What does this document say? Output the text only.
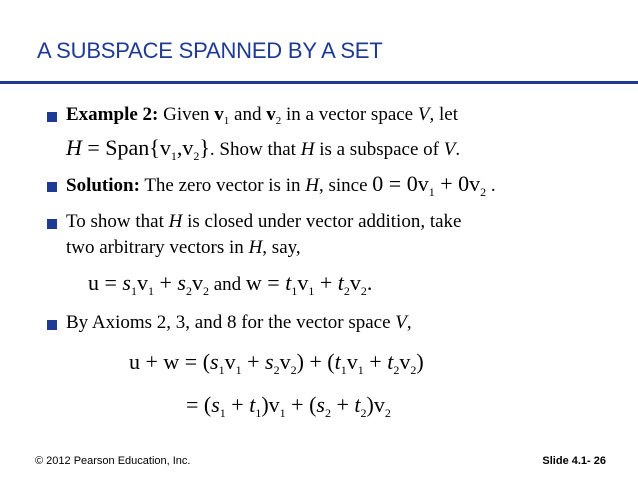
A SUBSPACE SPANNED BY A SET
Example 2: Given $v_1$ and $v_2$ in a vector space V, let
$H = Span\{v_1,v_2\}$. Show that H is a subspace of V.
Solution: The zero vector is in H, since $0 = 0v_1 + 0v_2$ .
To show that H is closed under vector addition, take
two arbitrary vectors in H, say,
$u = s_1v_1 + s_2v_2$ and $w = t_1v_1 + t_2v_2$.
By Axioms 2, 3, and 8 for the vector space V,
$u + w = (s_1v_1 + s_2v_2) + (t_1v_1 + t_2v_2)$
= $(s_1 + t_1)v_1 + (s_2 + t_2)v_2$
© 2012 Pearson Education, Inc.	Slide 4.1- 26
